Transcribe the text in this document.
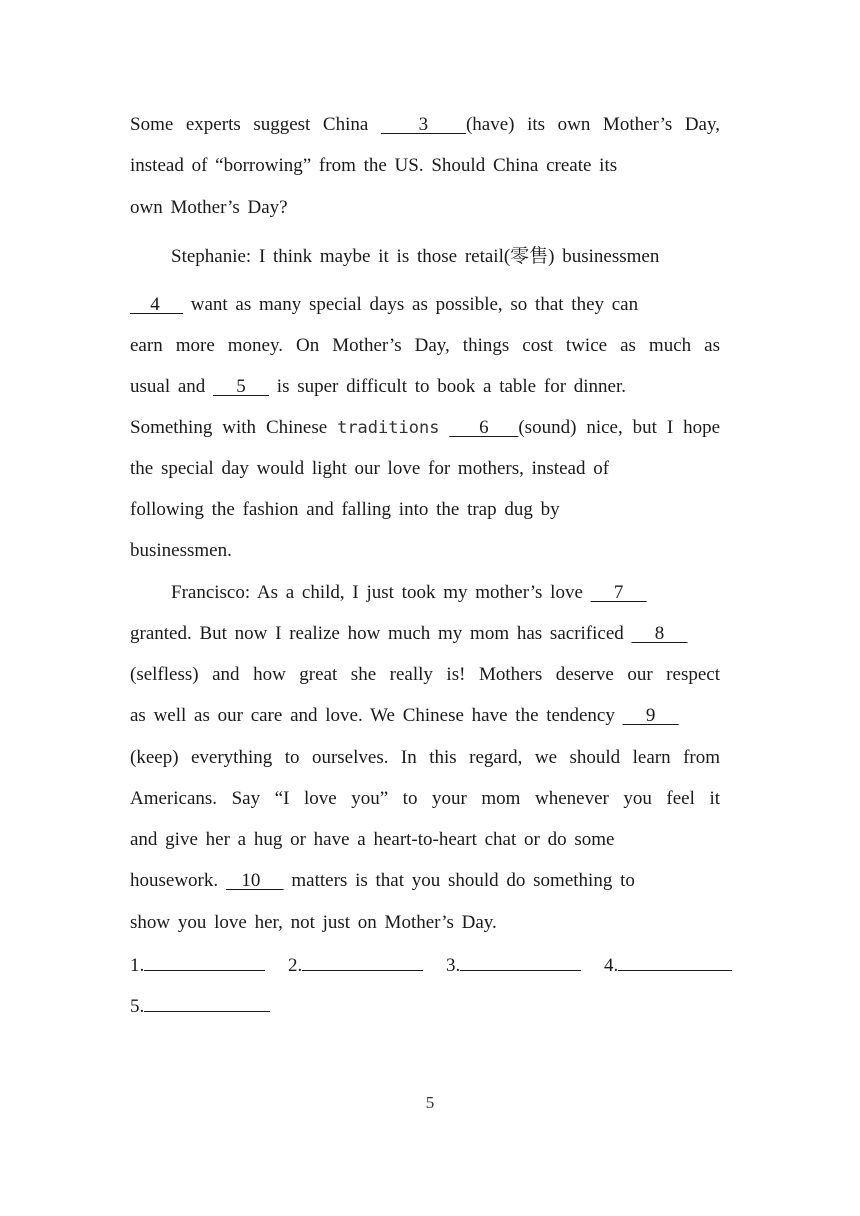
Some experts suggest China    3   (have) its own Mother’s Day,
instead of “borrowing” from the US. Should China create its
own Mother’s Day?
Stephanie: I think maybe it is those retail(零售) businessmen
4    want as many special days as possible, so that they can
earn more money. On Mother’s Day, things cost twice as much as
usual and    5    is super difficult to book a table for dinner.
Something with Chinese traditions    6   (sound) nice, but I hope
the special day would light our love for mothers, instead of
following the fashion and falling into the trap dug by
businessmen.
Francisco: As a child, I just took my mother’s love    7
granted. But now I realize how much my mom has sacrificed    8
(selfless) and how great she really is! Mothers deserve our respect
as well as our care and love. We Chinese have the tendency    9
(keep) everything to ourselves. In this regard, we should learn from
Americans. Say “I love you” to your mom whenever you feel it
and give her a hug or have a heart-to-heart chat or do some
housework.   10    matters is that you should do something to
show you love her, not just on Mother’s Day.
1.	2.	3.	4.
5.
5
